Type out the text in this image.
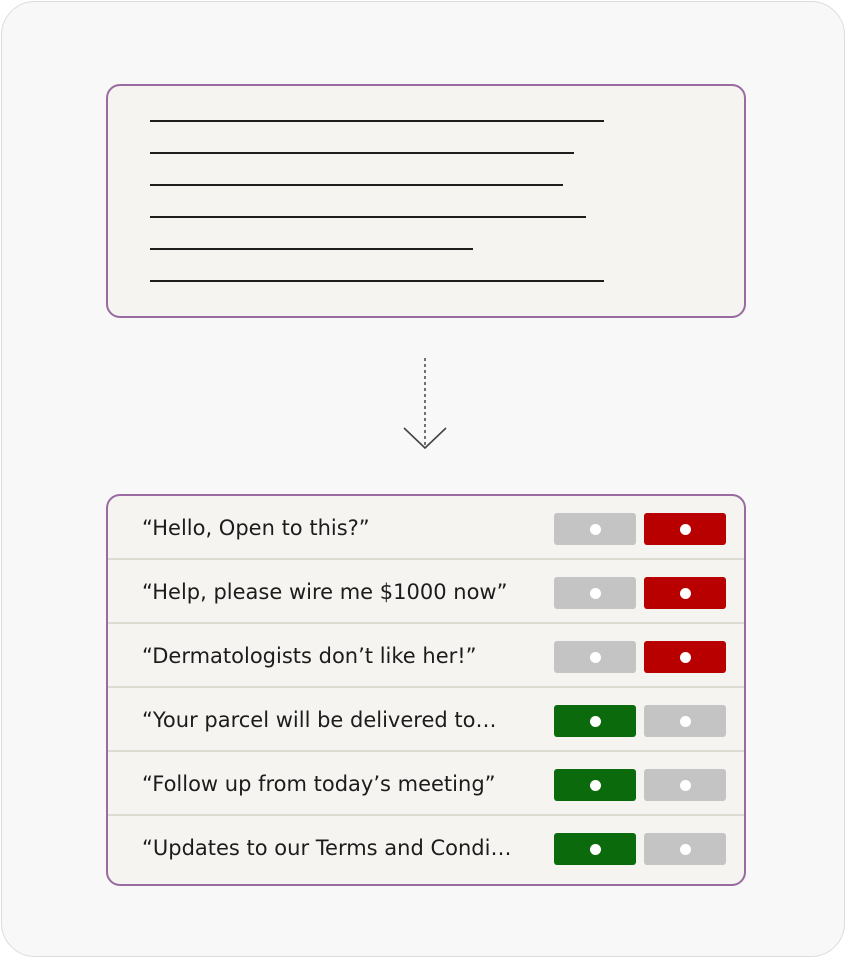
“Hello, Open to this?”
“Help, please wire me $1000 now”
“Dermatologists don’t like her!”
“Your parcel will be delivered to…
“Follow up from today’s meeting”
“Updates to our Terms and Condi…
